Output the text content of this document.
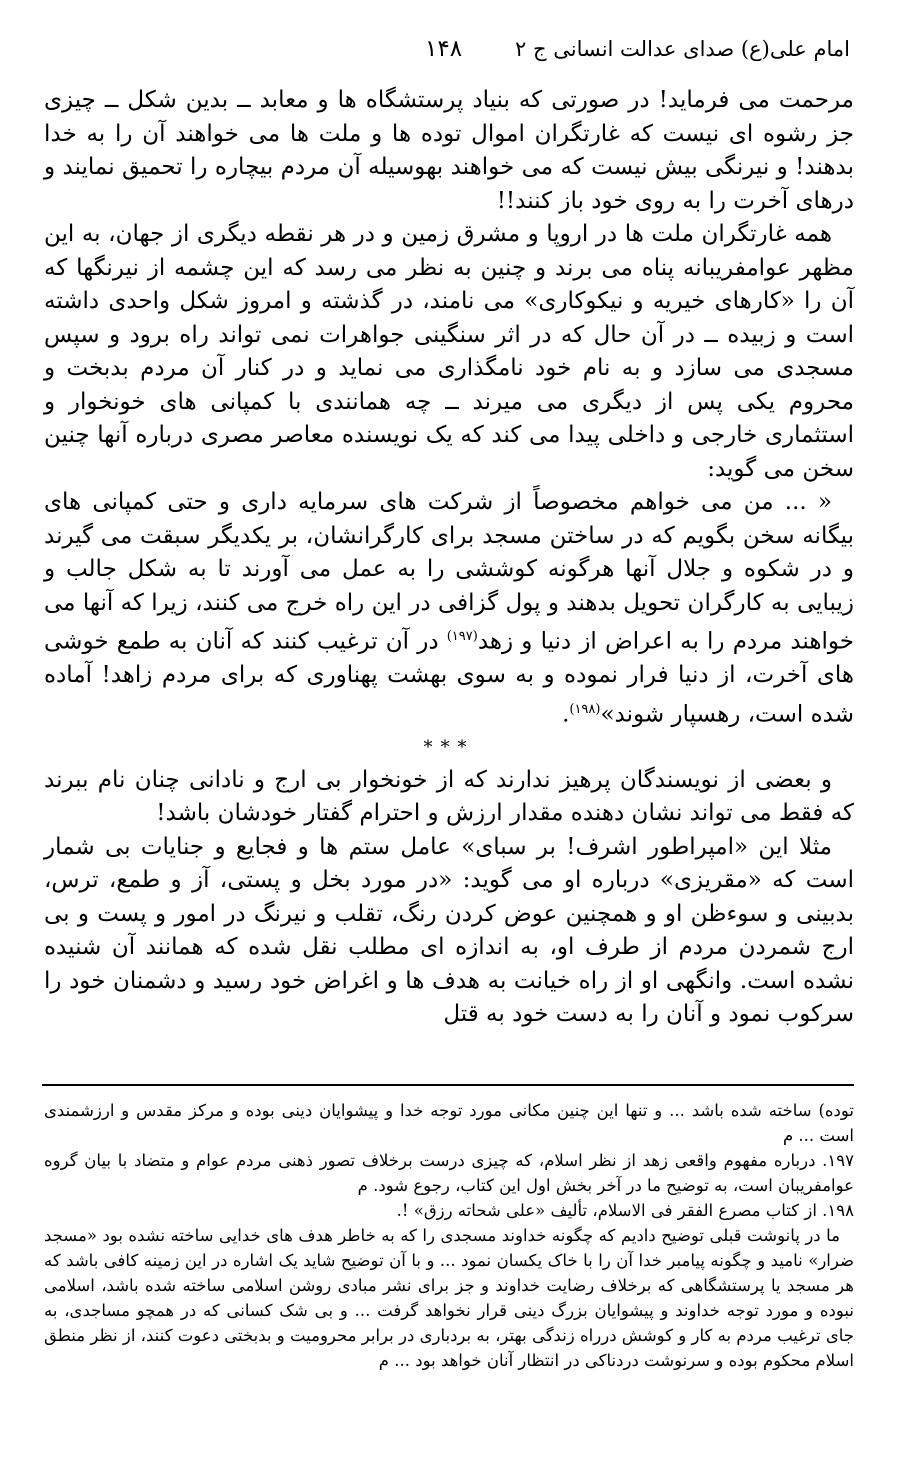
امام علی(ع) صدای عدالت انسانی ج ۲
۱۴۸

مرحمت می فرمايد! در صورتی که بنياد پرستشگاه ها و معابد ــ بدين شکل ــ چيزی جز رشوه ای نيست که غارتگران اموال توده ها و ملت ها می خواهند آن را به خدا بدهند! و نيرنگی بيش نيست که می خواهند بهوسيله آن مردم بيچاره را تحميق نمايند و درهای آخرت را به روی خود باز کنند!!

همه غارتگران ملت ها در اروپا و مشرق زمين و در هر نقطه ديگری از جهان، به اين مظهر عوامفريبانه پناه می برند و چنين به نظر می رسد که اين چشمه از نيرنگها که آن را «کارهای خيريه و نيکوکاری» می نامند، در گذشته و امروز شکل واحدی داشته است و زبيده ــ در آن حال که در اثر سنگينی جواهرات نمی تواند راه برود و سپس مسجدی می سازد و به نام خود نامگذاری می نمايد و در کنار آن مردم بدبخت و محروم يکی پس از ديگری می ميرند ــ چه همانندی با کمپانی های خونخوار و استثماری خارجی و داخلی پيدا می کند که يک نويسنده معاصر مصری درباره آنها چنين سخن می گويد:

« ... من می خواهم مخصوصاً از شرکت های سرمايه داری و حتی کمپانی های بيگانه سخن بگويم که در ساختن مسجد برای کارگرانشان، بر يکديگر سبقت می گيرند و در شکوه و جلال آنها هرگونه کوششی را به عمل می آورند تا به شکل جالب و زيبايی به کارگران تحويل بدهند و پول گزافی در اين راه خرج می کنند، زيرا که آنها می خواهند مردم را به اعراض از دنيا و زهد$^{(۱۹۷)}$ در آن ترغيب کنند که آنان به طمع خوشی های آخرت، از دنيا فرار نموده و به سوی بهشت پهناوری که برای مردم زاهد! آماده شده است، رهسپار شوند»$^{(۱۹۸)}$.

***

و بعضی از نويسندگان پرهيز ندارند که از خونخوار بی ارج و نادانی چنان نام ببرند که فقط می تواند نشان دهنده مقدار ارزش و احترام گفتار خودشان باشد!

مثلا اين «امپراطور اشرف! بر سبای» عامل ستم ها و فجايع و جنايات بی شمار است که «مقريزی» درباره او می گويد: «در مورد بخل و پستی، آز و طمع، ترس، بدبينی و سوءظن او و همچنين عوض کردن رنگ، تقلب و نيرنگ در امور و پست و بی ارج شمردن مردم از طرف او، به اندازه ای مطلب نقل شده که همانند آن شنيده نشده است. وانگهی او از راه خيانت به هدف ها و اغراض خود رسيد و دشمنان خود را سرکوب نمود و آنان را به دست خود به قتل

توده) ساخته شده باشد ... و تنها اين چنين مکانی مورد توجه خدا و پيشوايان دينی بوده و مرکز مقدس و ارزشمندی است ... م

۱۹۷. درباره مفهوم واقعی زهد از نظر اسلام، که چيزی درست برخلاف تصور ذهنی مردم عوام و متضاد با بيان گروه عوامفريبان است، به توضيح ما در آخر بخش اول اين کتاب، رجوع شود. م

۱۹۸. از کتاب مصرع الفقر فی الاسلام، تأليف «علی شحاته رزق» !.

ما در پانوشت قبلی توضيح داديم که چگونه خداوند مسجدی را که به خاطر هدف های خدايی ساخته نشده بود «مسجد ضرار» ناميد و چگونه پيامبر خدا آن را با خاک يکسان نمود ... و با آن توضيح شايد يک اشاره در اين زمينه کافی باشد که هر مسجد يا پرستشگاهی که برخلاف رضايت خداوند و جز برای نشر مبادی روشن اسلامی ساخته شده باشد، اسلامی نبوده و مورد توجه خداوند و پيشوايان بزرگ دينی قرار نخواهد گرفت ... و بی شک کسانی که در همچو مساجدی، به جای ترغيب مردم به کار و کوشش درراه زندگی بهتر، به بردباری در برابر محروميت و بدبختی دعوت کنند، از نظر منطق اسلام محکوم بوده و سرنوشت دردناکی در انتظار آنان خواهد بود ... م
